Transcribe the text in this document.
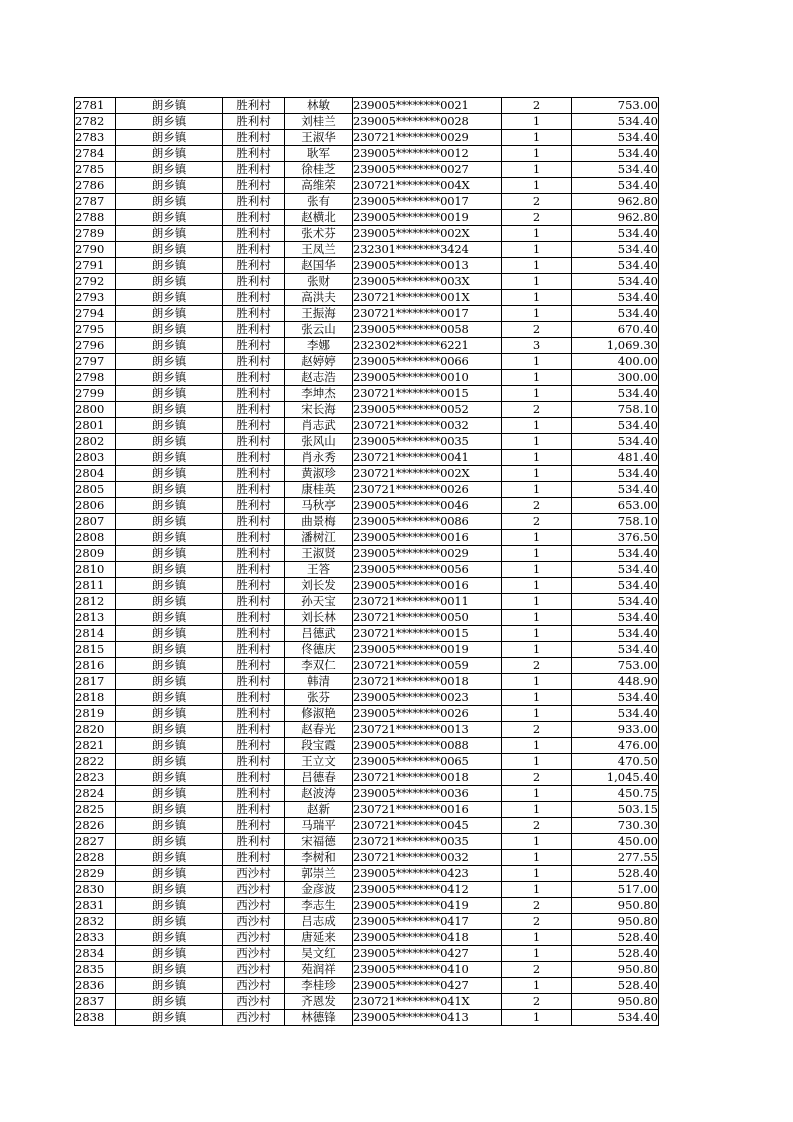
2781	朗乡镇	胜利村	林敏	239005********0021	2	753.00
2782	朗乡镇	胜利村	刘桂兰	239005********0028	1	534.40
2783	朗乡镇	胜利村	王淑华	230721********0029	1	534.40
2784	朗乡镇	胜利村	耿军	239005********0012	1	534.40
2785	朗乡镇	胜利村	徐桂芝	239005********0027	1	534.40
2786	朗乡镇	胜利村	高维荣	230721********004X	1	534.40
2787	朗乡镇	胜利村	张有	239005********0017	2	962.80
2788	朗乡镇	胜利村	赵横北	239005********0019	2	962.80
2789	朗乡镇	胜利村	张术芬	239005********002X	1	534.40
2790	朗乡镇	胜利村	王凤兰	232301********3424	1	534.40
2791	朗乡镇	胜利村	赵国华	239005********0013	1	534.40
2792	朗乡镇	胜利村	张财	239005********003X	1	534.40
2793	朗乡镇	胜利村	高洪夫	230721********001X	1	534.40
2794	朗乡镇	胜利村	王振海	230721********0017	1	534.40
2795	朗乡镇	胜利村	张云山	239005********0058	2	670.40
2796	朗乡镇	胜利村	李娜	232302********6221	3	1,069.30
2797	朗乡镇	胜利村	赵婷婷	239005********0066	1	400.00
2798	朗乡镇	胜利村	赵志浩	239005********0010	1	300.00
2799	朗乡镇	胜利村	李坤杰	230721********0015	1	534.40
2800	朗乡镇	胜利村	宋长海	239005********0052	2	758.10
2801	朗乡镇	胜利村	肖志武	230721********0032	1	534.40
2802	朗乡镇	胜利村	张风山	239005********0035	1	534.40
2803	朗乡镇	胜利村	肖永秀	230721********0041	1	481.40
2804	朗乡镇	胜利村	黄淑珍	230721********002X	1	534.40
2805	朗乡镇	胜利村	康桂英	230721********0026	1	534.40
2806	朗乡镇	胜利村	马秋亭	239005********0046	2	653.00
2807	朗乡镇	胜利村	曲景梅	239005********0086	2	758.10
2808	朗乡镇	胜利村	潘树江	239005********0016	1	376.50
2809	朗乡镇	胜利村	王淑贤	239005********0029	1	534.40
2810	朗乡镇	胜利村	王答	239005********0056	1	534.40
2811	朗乡镇	胜利村	刘长发	239005********0016	1	534.40
2812	朗乡镇	胜利村	孙天宝	230721********0011	1	534.40
2813	朗乡镇	胜利村	刘长林	230721********0050	1	534.40
2814	朗乡镇	胜利村	吕德武	230721********0015	1	534.40
2815	朗乡镇	胜利村	佟德庆	239005********0019	1	534.40
2816	朗乡镇	胜利村	李双仁	230721********0059	2	753.00
2817	朗乡镇	胜利村	韩清	230721********0018	1	448.90
2818	朗乡镇	胜利村	张芬	239005********0023	1	534.40
2819	朗乡镇	胜利村	修淑艳	239005********0026	1	534.40
2820	朗乡镇	胜利村	赵春光	230721********0013	2	933.00
2821	朗乡镇	胜利村	段宝霞	239005********0088	1	476.00
2822	朗乡镇	胜利村	王立文	239005********0065	1	470.50
2823	朗乡镇	胜利村	吕德春	230721********0018	2	1,045.40
2824	朗乡镇	胜利村	赵波涛	239005********0036	1	450.75
2825	朗乡镇	胜利村	赵新	230721********0016	1	503.15
2826	朗乡镇	胜利村	马瑞平	230721********0045	2	730.30
2827	朗乡镇	胜利村	宋福德	230721********0035	1	450.00
2828	朗乡镇	胜利村	李树和	230721********0032	1	277.55
2829	朗乡镇	西沙村	郭崇兰	239005********0423	1	528.40
2830	朗乡镇	西沙村	金彦波	239005********0412	1	517.00
2831	朗乡镇	西沙村	李志生	239005********0419	2	950.80
2832	朗乡镇	西沙村	吕志成	239005********0417	2	950.80
2833	朗乡镇	西沙村	唐延来	239005********0418	1	528.40
2834	朗乡镇	西沙村	吴文红	239005********0427	1	528.40
2835	朗乡镇	西沙村	苑润祥	239005********0410	2	950.80
2836	朗乡镇	西沙村	李桂珍	239005********0427	1	528.40
2837	朗乡镇	西沙村	齐恩发	230721********041X	2	950.80
2838	朗乡镇	西沙村	林德锋	239005********0413	1	534.40
